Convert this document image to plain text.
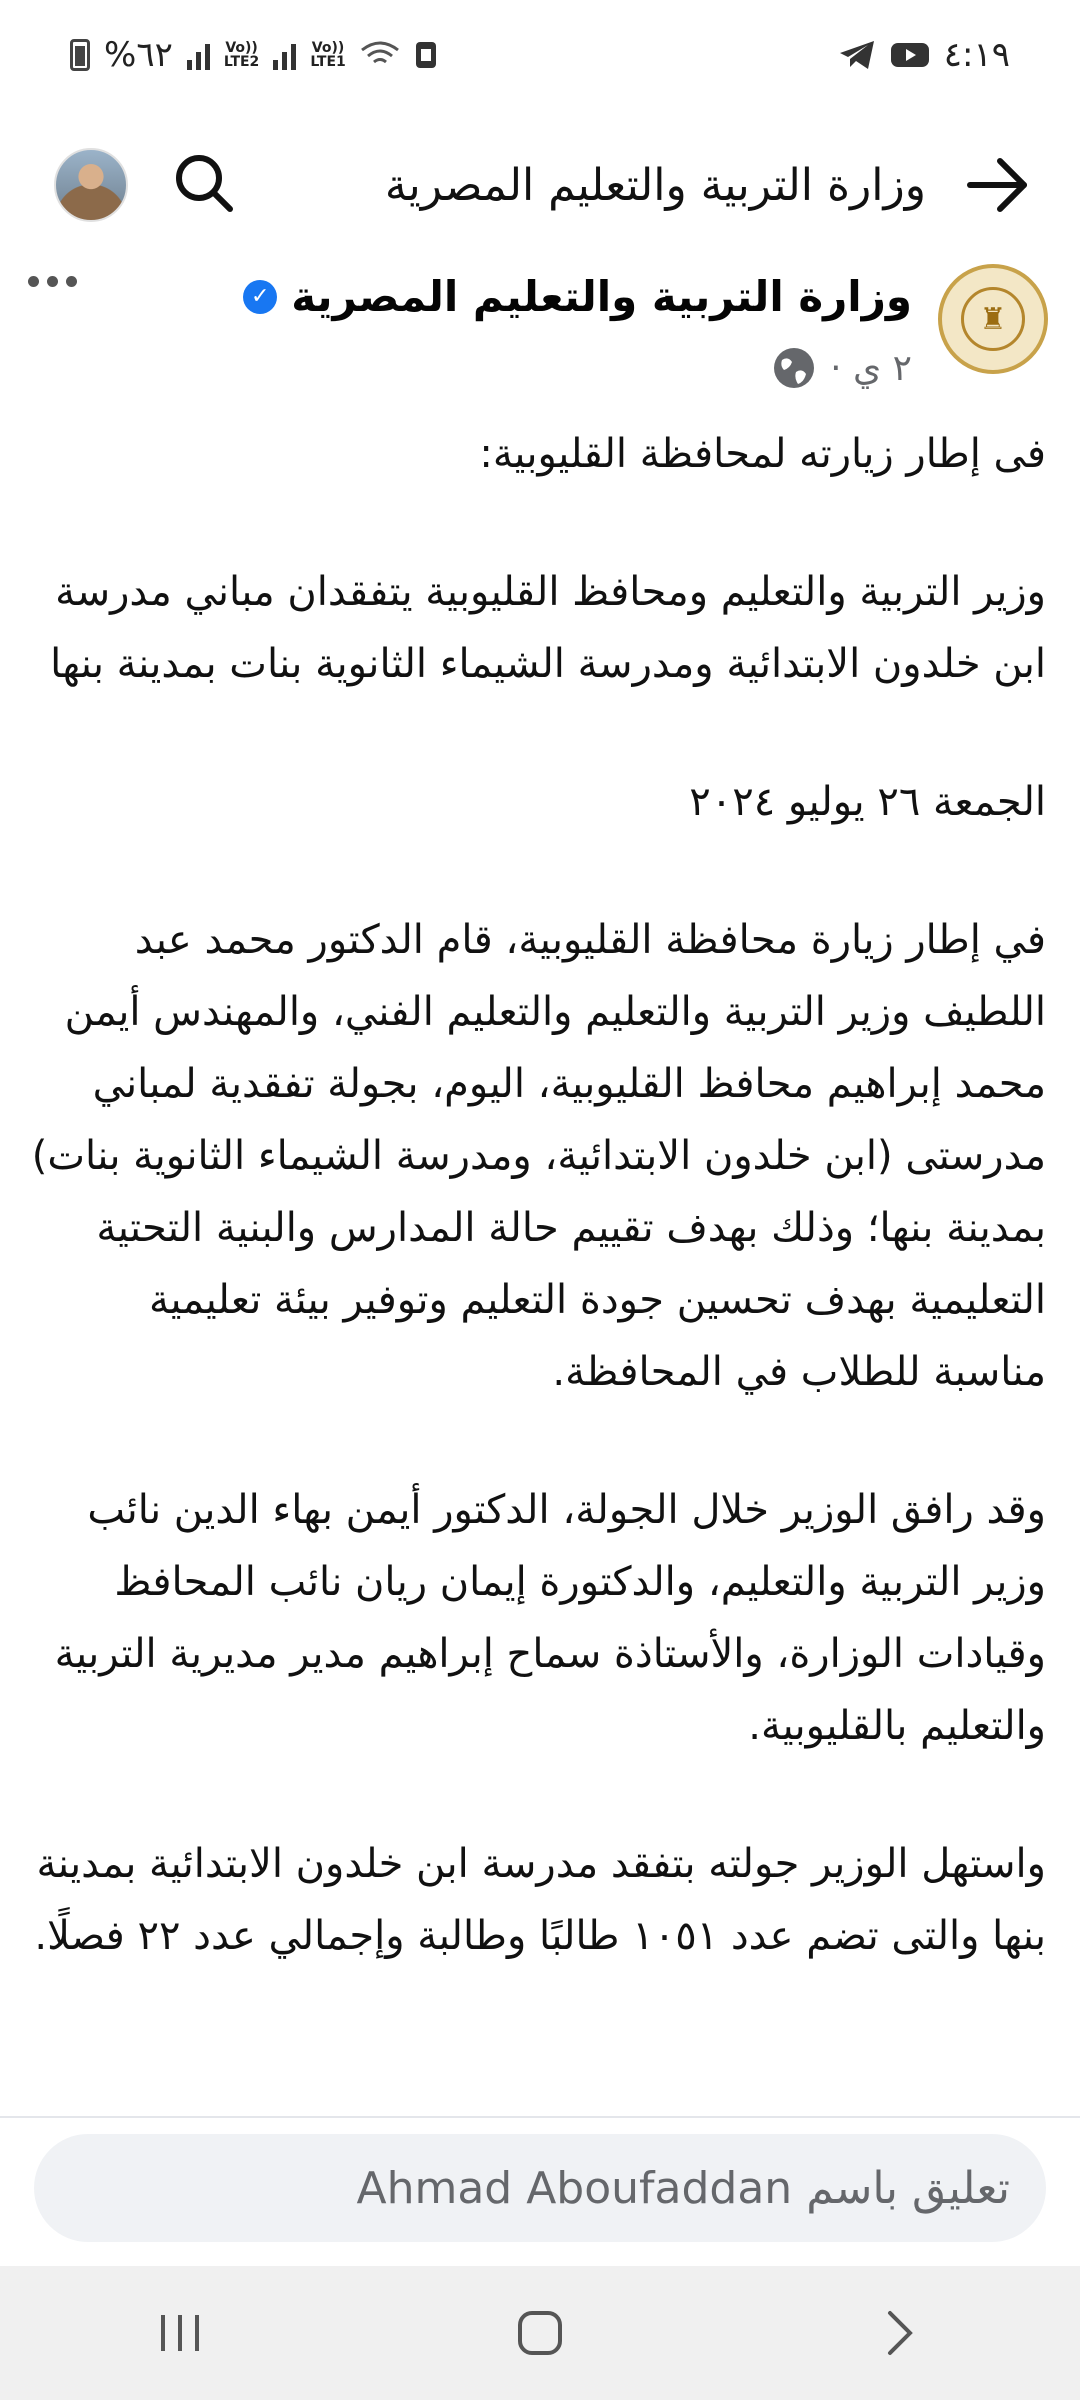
%٦٢	Vo))
LTE2
Vo))
LTE1	٤:١٩
وزارة التربية والتعليم المصرية
♜
وزارة التربية والتعليم المصرية
✓
٢ ي ·

فى إطار زيارته لمحافظة القليوبية:

وزير التربية والتعليم ومحافظ القليوبية يتفقدان مباني مدرسة ابن خلدون الابتدائية ومدرسة الشيماء الثانوية بنات بمدينة بنها

الجمعة ٢٦ يوليو ٢٠٢٤

في إطار زيارة محافظة القليوبية، قام الدكتور محمد عبد اللطيف وزير التربية والتعليم والتعليم الفني، والمهندس أيمن محمد إبراهيم محافظ القليوبية، اليوم، بجولة تفقدية لمباني مدرستى (ابن خلدون الابتدائية، ومدرسة الشيماء الثانوية بنات) بمدينة بنها؛ وذلك بهدف تقييم حالة المدارس والبنية التحتية التعليمية بهدف تحسين جودة التعليم وتوفير بيئة تعليمية مناسبة للطلاب في المحافظة.

وقد رافق الوزير خلال الجولة، الدكتور أيمن بهاء الدين نائب وزير التربية والتعليم، والدكتورة إيمان ريان نائب المحافظ وقيادات الوزارة، والأستاذة سماح إبراهيم مدير مديرية التربية والتعليم بالقليوبية.

واستهل الوزير جولته بتفقد مدرسة ابن خلدون الابتدائية بمدينة بنها والتى تضم عدد ١٠٥١ طالبًا وطالبة وإجمالي عدد ٢٢ فصلًا.

تعليق باسم Ahmad Aboufaddan
